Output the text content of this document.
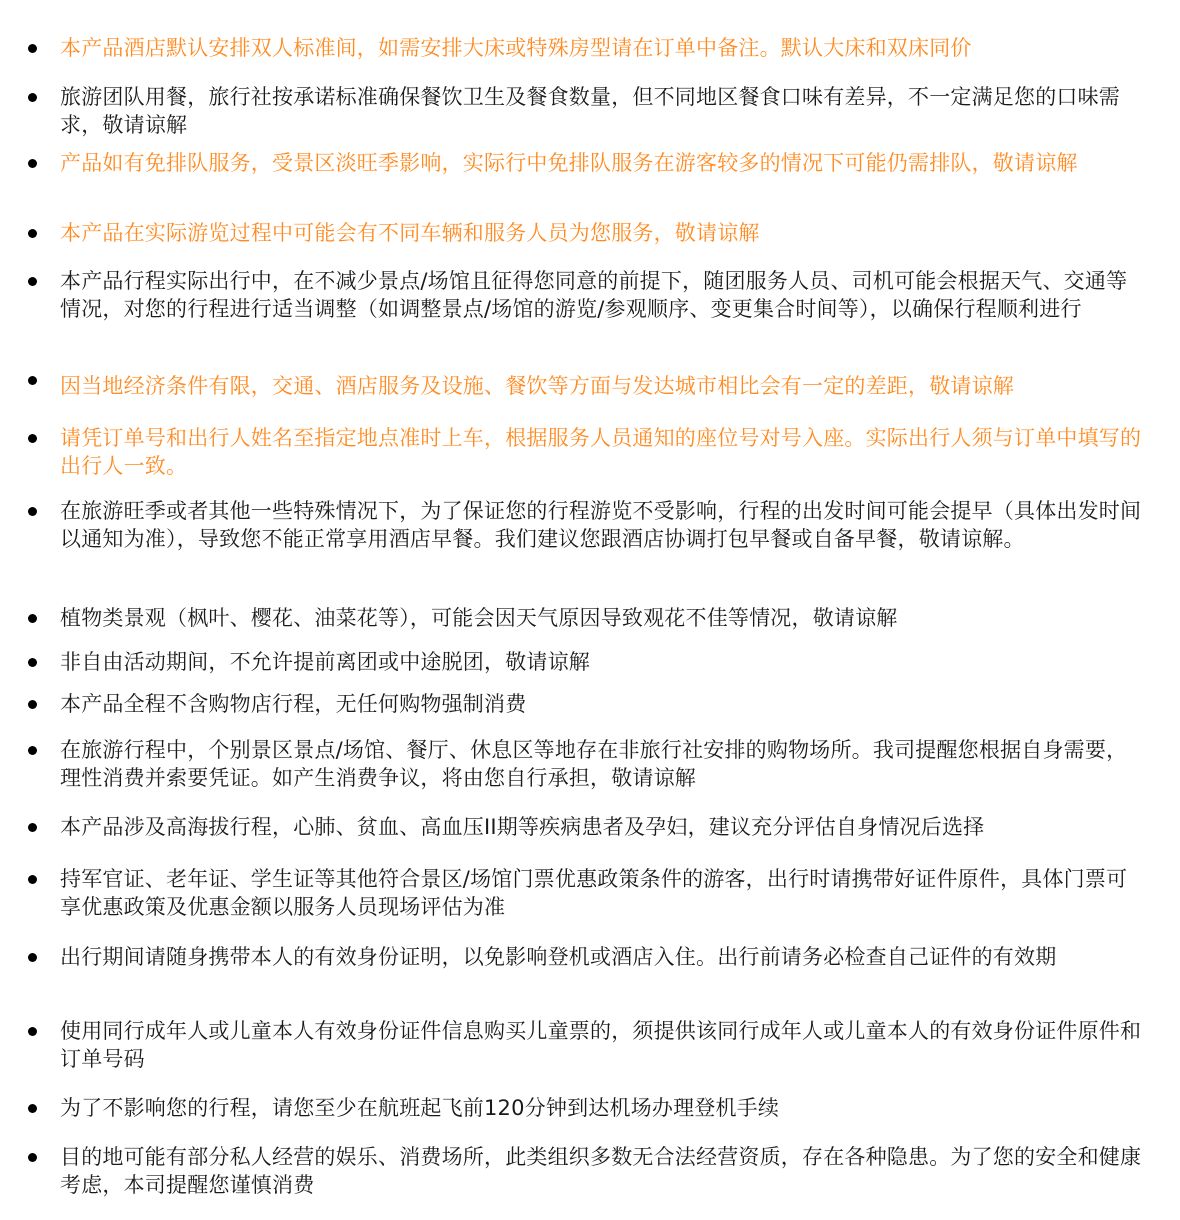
本产品酒店默认安排双人标准间，如需安排大床或特殊房型请在订单中备注。默认大床和双床同价
旅游团队用餐，旅行社按承诺标准确保餐饮卫生及餐食数量，但不同地区餐食口味有差异，不一定满足您的口味需求，敬请谅解
产品如有免排队服务，受景区淡旺季影响，实际行中免排队服务在游客较多的情况下可能仍需排队，敬请谅解
本产品在实际游览过程中可能会有不同车辆和服务人员为您服务，敬请谅解
本产品行程实际出行中，在不减少景点/场馆且征得您同意的前提下，随团服务人员、司机可能会根据天气、交通等情况，对您的行程进行适当调整（如调整景点/场馆的游览/参观顺序、变更集合时间等），以确保行程顺利进行
因当地经济条件有限，交通、酒店服务及设施、餐饮等方面与发达城市相比会有一定的差距，敬请谅解
请凭订单号和出行人姓名至指定地点准时上车，根据服务人员通知的座位号对号入座。实际出行人须与订单中填写的出行人一致。
在旅游旺季或者其他一些特殊情况下，为了保证您的行程游览不受影响，行程的出发时间可能会提早（具体出发时间以通知为准），导致您不能正常享用酒店早餐。我们建议您跟酒店协调打包早餐或自备早餐，敬请谅解。
植物类景观（枫叶、樱花、油菜花等），可能会因天气原因导致观花不佳等情况，敬请谅解
非自由活动期间，不允许提前离团或中途脱团，敬请谅解
本产品全程不含购物店行程，无任何购物强制消费
在旅游行程中，个别景区景点/场馆、餐厅、休息区等地存在非旅行社安排的购物场所。我司提醒您根据自身需要，理性消费并索要凭证。如产生消费争议，将由您自行承担，敬请谅解
本产品涉及高海拔行程，心肺、贫血、高血压II期等疾病患者及孕妇，建议充分评估自身情况后选择
持军官证、老年证、学生证等其他符合景区/场馆门票优惠政策条件的游客，出行时请携带好证件原件，具体门票可享优惠政策及优惠金额以服务人员现场评估为准
出行期间请随身携带本人的有效身份证明，以免影响登机或酒店入住。出行前请务必检查自己证件的有效期
使用同行成年人或儿童本人有效身份证件信息购买儿童票的，须提供该同行成年人或儿童本人的有效身份证件原件和订单号码
为了不影响您的行程，请您至少在航班起飞前120分钟到达机场办理登机手续
目的地可能有部分私人经营的娱乐、消费场所，此类组织多数无合法经营资质，存在各种隐患。为了您的安全和健康考虑，本司提醒您谨慎消费
